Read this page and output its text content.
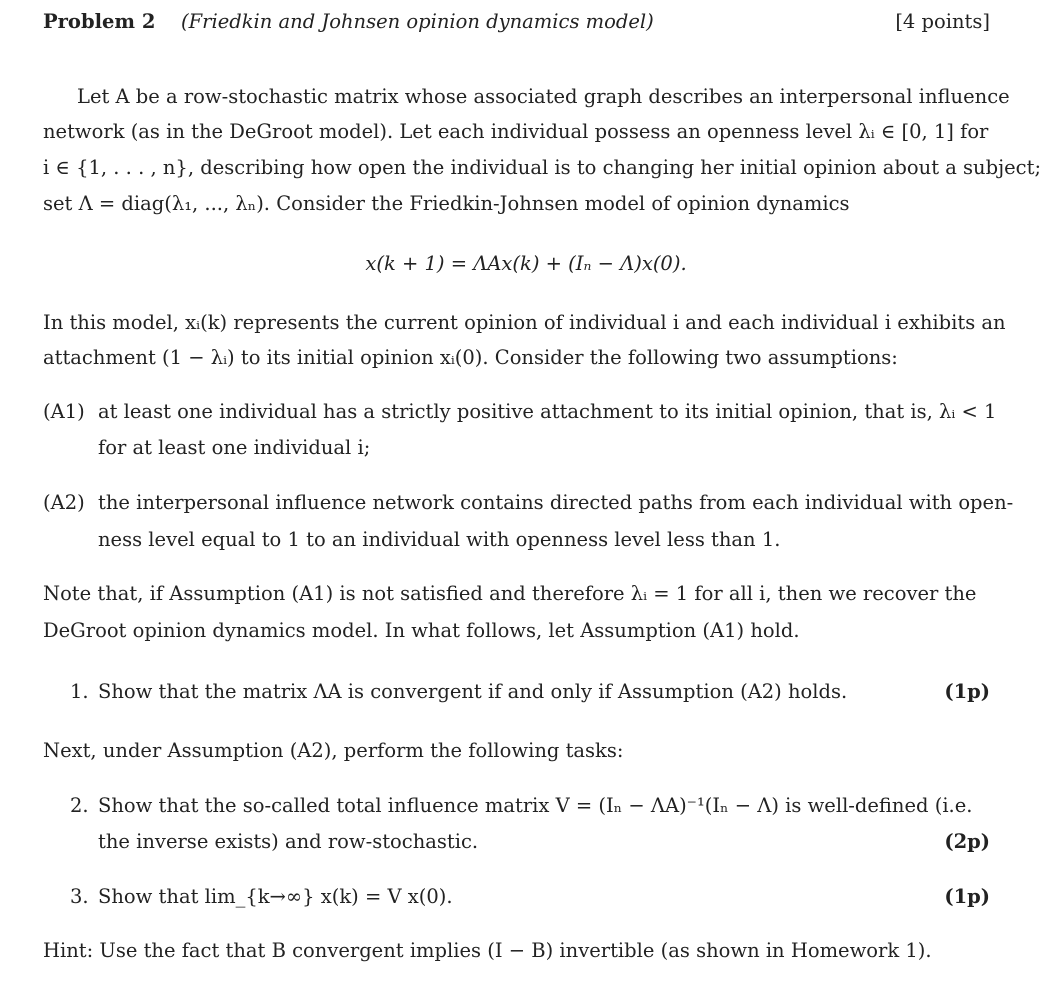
Problem 2 (Friedkin and Johnsen opinion dynamics model)	[4 points]
Let A be a row-stochastic matrix whose associated graph describes an interpersonal influence
network (as in the DeGroot model). Let each individual possess an openness level λᵢ ∈ [0, 1] for
i ∈ {1, . . . , n}, describing how open the individual is to changing her initial opinion about a subject;
set Λ = diag(λ₁, ..., λₙ). Consider the Friedkin-Johnsen model of opinion dynamics
x(k + 1) = ΛAx(k) + (Iₙ − Λ)x(0).
In this model, xᵢ(k) represents the current opinion of individual i and each individual i exhibits an
attachment (1 − λᵢ) to its initial opinion xᵢ(0). Consider the following two assumptions:
(A1) at least one individual has a strictly positive attachment to its initial opinion, that is, λᵢ < 1
for at least one individual i;
(A2) the interpersonal influence network contains directed paths from each individual with open-
ness level equal to 1 to an individual with openness level less than 1.
Note that, if Assumption (A1) is not satisfied and therefore λᵢ = 1 for all i, then we recover the
DeGroot opinion dynamics model. In what follows, let Assumption (A1) hold.
1. Show that the matrix ΛA is convergent if and only if Assumption (A2) holds.	(1p)
Next, under Assumption (A2), perform the following tasks:
2. Show that the so-called total influence matrix V = (Iₙ − ΛA)⁻¹(Iₙ − Λ) is well-defined (i.e.
the inverse exists) and row-stochastic.	(2p)
3. Show that lim_{k→∞} x(k) = V x(0).	(1p)
Hint: Use the fact that B convergent implies (I − B) invertible (as shown in Homework 1).
